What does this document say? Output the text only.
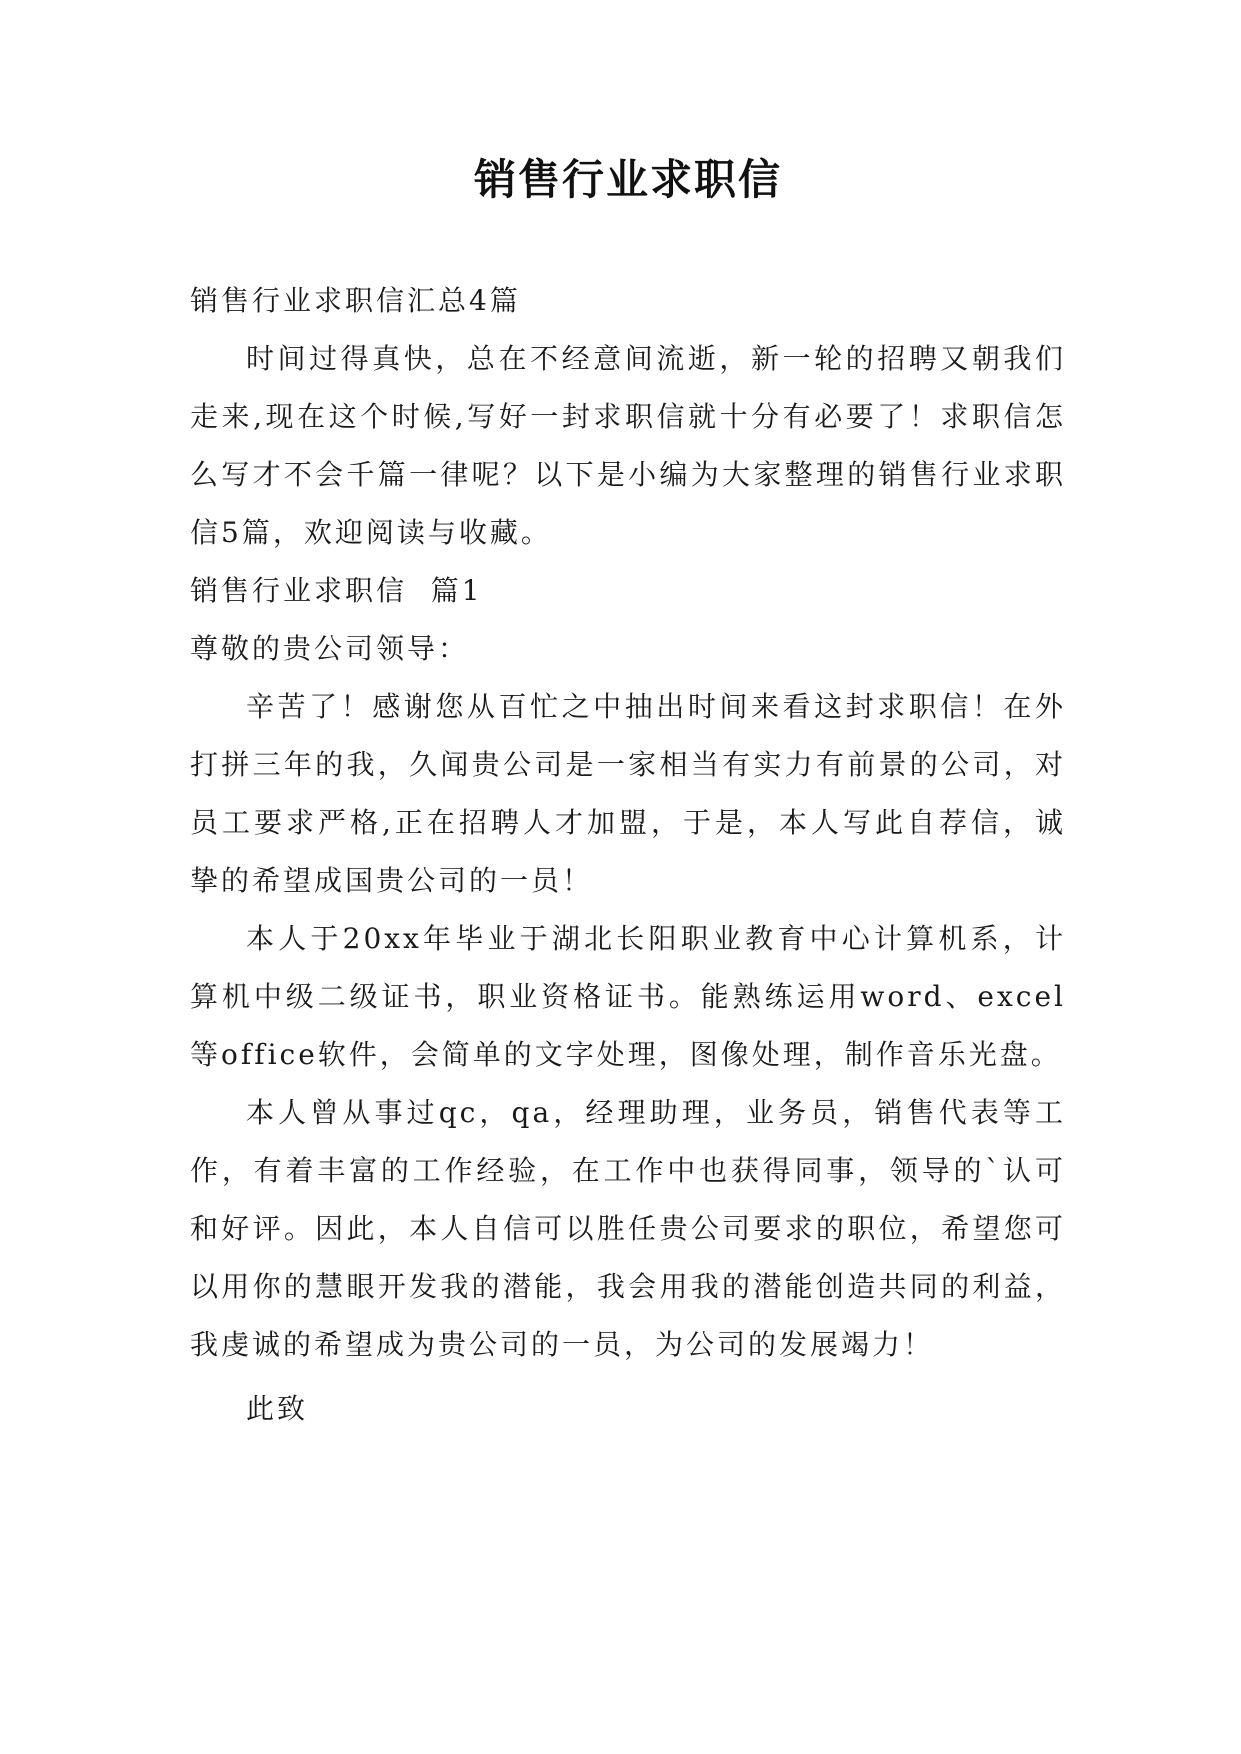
销售行业求职信

销售行业求职信汇总4篇

时间过得真快，总在不经意间流逝，新一轮的招聘又朝我们走来,现在这个时候,写好一封求职信就十分有必要了！求职信怎么写才不会千篇一律呢？以下是小编为大家整理的销售行业求职信5篇，欢迎阅读与收藏。

销售行业求职信  篇1

尊敬的贵公司领导：

辛苦了！感谢您从百忙之中抽出时间来看这封求职信！在外打拼三年的我，久闻贵公司是一家相当有实力有前景的公司，对员工要求严格,正在招聘人才加盟，于是，本人写此自荐信，诚挚的希望成国贵公司的一员！

本人于20xx年毕业于湖北长阳职业教育中心计算机系，计算机中级二级证书，职业资格证书。能熟练运用word、excel等office软件，会简单的文字处理，图像处理，制作音乐光盘。

本人曾从事过qc，qa，经理助理，业务员，销售代表等工作，有着丰富的工作经验，在工作中也获得同事，领导的`认可和好评。因此，本人自信可以胜任贵公司要求的职位，希望您可以用你的慧眼开发我的潜能，我会用我的潜能创造共同的利益，我虔诚的希望成为贵公司的一员，为公司的发展竭力！

此致
